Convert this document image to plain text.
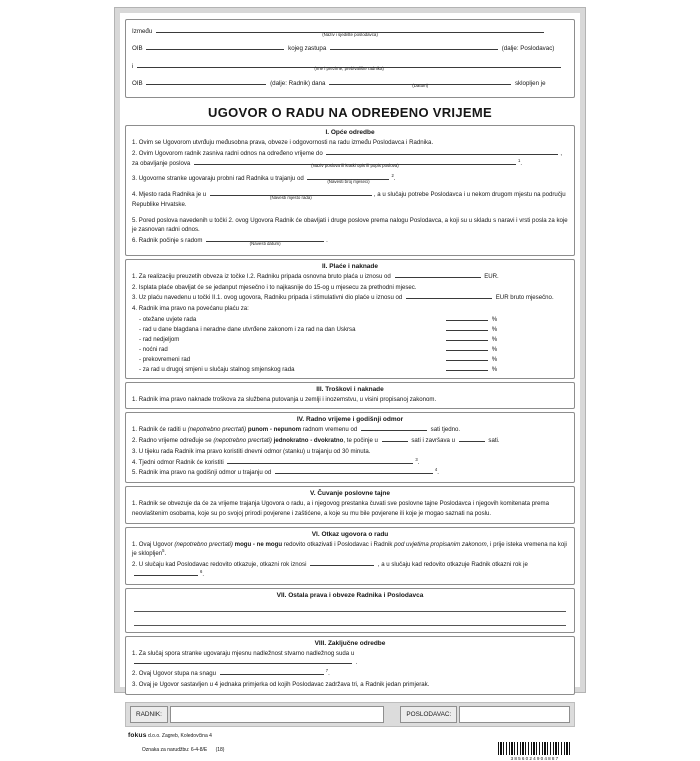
Između	(Naziv i sjedište poslodavca)
OIB	kojeg zastupa	(dalje: Poslodavac)
i	(Ime i prezime, prebivalište radnika)
OIB	(dalje: Radnik) dana	(Datum)	sklopljen je
UGOVOR O RADU NA ODREĐENO VRIJEME
I. Opće odredbe
1. Ovim se Ugovorom utvrđuju međusobna prava, obveze i odgovornosti na radu između Poslodavca i Radnika.
2. Ovim Ugovorom radnik zasniva radni odnos na određeno vrijeme do	,
za obavljanje poslova	(Naziv poslova ili kratki opis ili popis poslova)
$^1$.
3. Ugovorne stranke ugovaraju probni rad Radnika u trajanju od	(Navesti broj mjeseci)
$^2$.
4. Mjesto rada Radnika je u	(Navesti mjesto rada)	, a u slučaju potrebe Poslodavca i u nekom drugom mjestu na području Republike Hrvatske.
5. Pored poslova navedenih u točki 2. ovog Ugovora Radnik će obavljati i druge poslove prema nalogu Poslodavca, a koji su u skladu s naravi i vrsti posla za koje je zasnovan radni odnos.
6. Radnik počinje s radom	(Navesti datum)	.
II. Plaće i naknade
1. Za realizaciju preuzetih obveza iz točke I.2. Radniku pripada osnovna bruto plaća u iznosu od	EUR.
2. Isplata plaće obavljat će se jedanput mjesečno i to najkasnije do 15-og u mjesecu za prethodni mjesec.
3. Uz plaću navedenu u točki II.1. ovog ugovora, Radniku pripada i stimulativni dio plaće u iznosu od	EUR bruto mjesečno.
4. Radnik ima pravo na povećanu plaću za:
- otežane uvjete rada	%
- rad u dane blagdana i neradne dane utvrđene zakonom i za rad na dan Uskrsa	%
- rad nedjeljom	%
- noćni rad	%
- prekovremeni rad	%
- za rad u drugoj smjeni u slučaju stalnog smjenskog rada	%
III. Troškovi i naknade
1. Radnik ima pravo naknade troškova za službena putovanja u zemlji i inozemstvu, u visini propisanoj zakonom.
IV. Radno vrijeme i godišnji odmor
1. Radnik će raditi u (nepotrebno precrtati) punom - nepunom radnom vremenu od	sati tjedno.
2. Radno vrijeme određuje se (nepotrebno precrtati) jednokratno - dvokratno, te počinje u	sati i završava u	sati.
3. U tijeku rada Radnik ima pravo koristiti dnevni odmor (stanku) u trajanju od 30 minuta.
4. Tjedni odmor Radnik će koristiti	$^3$.
5. Radnik ima pravo na godišnji odmor u trajanju od	$^4$.
V. Čuvanje poslovne tajne
1. Radnik se obvezuje da će za vrijeme trajanja Ugovora o radu, a i njegovog prestanka čuvati sve poslovne tajne Poslodavca i njegovih komitenata prema neovlaštenim osobama, koje su po svojoj prirodi povjerene i zaštićene, a koje su mu bile povjerene ili koje je mogao saznati na poslu.
VI. Otkaz ugovora o radu
1. Ovaj Ugovor (nepotrebno precrtati) mogu - ne mogu redovito otkazivati i Poslodavac i Radnik pod uvjetima propisanim zakonom, i prije isteka vremena na koji je sklopljen$^5$.
2. U slučaju kad Poslodavac redovito otkazuje, otkazni rok iznosi	, a u slučaju kad redovito otkazuje Radnik otkazni rok je $^6$.
VII. Ostala prava i obveze Radnika i Poslodavca
VIII. Zaključne odredbe
1. Za slučaj spora stranke ugovaraju mjesnu nadležnost stvarno nadležnog suda u  .
2. Ovaj Ugovor stupa na snagu	$^7$.
3. Ovaj je Ugovor sastavljen u 4 jednaka primjerka od kojih Poslodavac zadržava tri, a Radnik jedan primjerak.
RADNIK:	POSLODAVAC:
fokus d.o.o. Zagreb, Koledovčina 4

Oznaka za narudžbu: 6-4-8/E (18)

3856024904887
